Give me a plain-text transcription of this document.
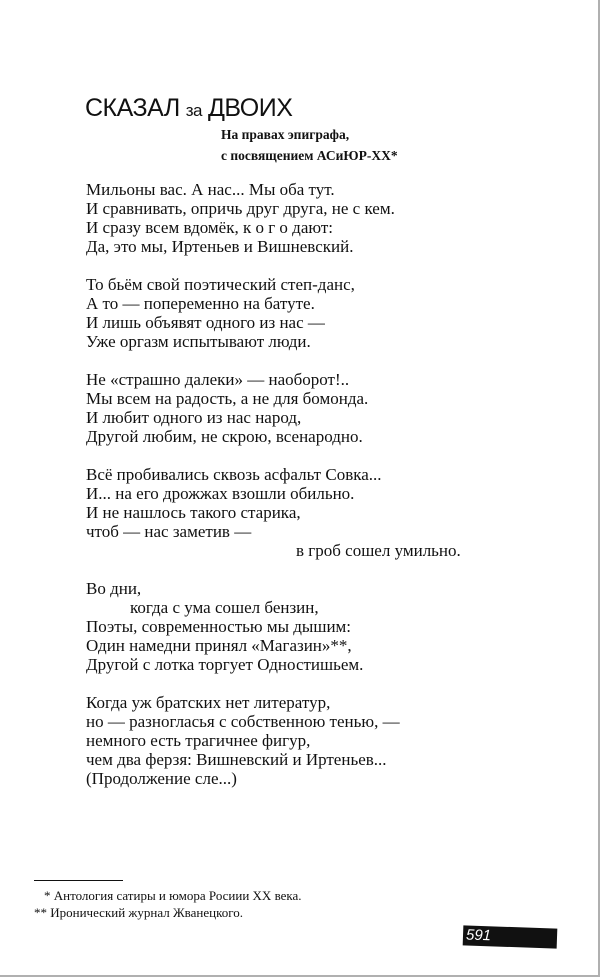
СКАЗАЛ за ДВОИХ
На правах эпиграфа,
с посвящением АСиЮР-XX*
Мильоны вас. А нас... Мы оба тут.
И сравнивать, опричь друг друга, не с кем.
И сразу всем вдомёк, к о г о дают:
Да, это мы, Иртеньев и Вишневский.
То бьём свой поэтический степ-данс,
А то — попеременно на батуте.
И лишь объявят одного из нас —
Уже оргазм испытывают люди.
Не «страшно далеки» — наоборот!..
Мы всем на радость, а не для бомонда.
И любит одного из нас народ,
Другой любим, не скрою, всенародно.
Всё пробивались сквозь асфальт Совка...
И... на его дрожжах взошли обильно.
И не нашлось такого старика,
чтоб — нас заметив —
в гроб сошел умильно.
Во дни,
когда с ума сошел бензин,
Поэты, современностью мы дышим:
Один намедни принял «Магазин»**,
Другой с лотка торгует Одностишьем.
Когда уж братских нет литератур,
но — разногласья с собственною тенью, —
немного есть трагичнее фигур,
чем два ферзя: Вишневский и Иртеньев...
(Продолжение сле...)
* Антология сатиры и юмора Росиии XX века.
** Иронический журнал Жванецкого.
591
